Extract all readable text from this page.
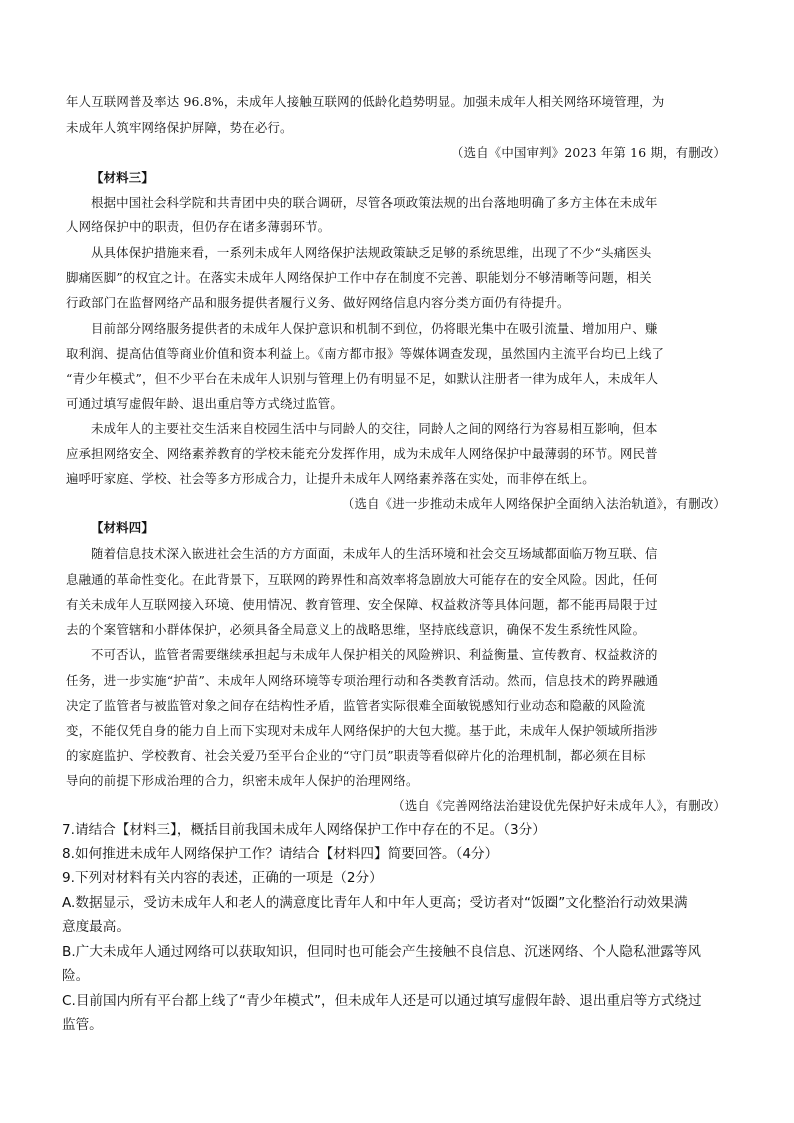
年人互联网普及率达 96.8%，未成年人接触互联网的低龄化趋势明显。加强未成年人相关网络环境管理，为
未成年人筑牢网络保护屏障，势在必行。
（选自《中国审判》2023 年第 16 期，有删改）
【材料三】
根据中国社会科学院和共青团中央的联合调研，尽管各项政策法规的出台落地明确了多方主体在未成年
人网络保护中的职责，但仍存在诸多薄弱环节。
从具体保护措施来看，一系列未成年人网络保护法规政策缺乏足够的系统思维，出现了不少“头痛医头
脚痛医脚”的权宜之计。在落实未成年人网络保护工作中存在制度不完善、职能划分不够清晰等问题，相关
行政部门在监督网络产品和服务提供者履行义务、做好网络信息内容分类方面仍有待提升。
目前部分网络服务提供者的未成年人保护意识和机制不到位，仍将眼光集中在吸引流量、增加用户、赚
取利润、提高估值等商业价值和资本利益上。《南方都市报》等媒体调查发现，虽然国内主流平台均已上线了
“青少年模式”，但不少平台在未成年人识别与管理上仍有明显不足，如默认注册者一律为成年人，未成年人
可通过填写虚假年龄、退出重启等方式绕过监管。
未成年人的主要社交生活来自校园生活中与同龄人的交往，同龄人之间的网络行为容易相互影响，但本
应承担网络安全、网络素养教育的学校未能充分发挥作用，成为未成年人网络保护中最薄弱的环节。网民普
遍呼吁家庭、学校、社会等多方形成合力，让提升未成年人网络素养落在实处，而非停在纸上。
（选自《进一步推动未成年人网络保护全面纳入法治轨道》，有删改）
【材料四】
随着信息技术深入嵌进社会生活的方方面面，未成年人的生活环境和社会交互场域都面临万物互联、信
息融通的革命性变化。在此背景下，互联网的跨界性和高效率将急剧放大可能存在的安全风险。因此，任何
有关未成年人互联网接入环境、使用情况、教育管理、安全保障、权益救济等具体问题，都不能再局限于过
去的个案管辖和小群体保护，必须具备全局意义上的战略思维，坚持底线意识，确保不发生系统性风险。
不可否认，监管者需要继续承担起与未成年人保护相关的风险辨识、利益衡量、宣传教育、权益救济的
任务，进一步实施“护苗”、未成年人网络环境等专项治理行动和各类教育活动。然而，信息技术的跨界融通
决定了监管者与被监管对象之间存在结构性矛盾，监管者实际很难全面敏锐感知行业动态和隐蔽的风险流
变，不能仅凭自身的能力自上而下实现对未成年人网络保护的大包大揽。基于此，未成年人保护领域所指涉
的家庭监护、学校教育、社会关爱乃至平台企业的“守门员”职责等看似碎片化的治理机制，都必须在目标
导向的前提下形成治理的合力，织密未成年人保护的治理网络。
（选自《完善网络法治建设优先保护好未成年人》，有删改）
7.请结合【材料三】，概括目前我国未成年人网络保护工作中存在的不足。（3分）
8.如何推进未成年人网络保护工作？请结合【材料四】简要回答。（4分）
9.下列对材料有关内容的表述，正确的一项是（2分）
A.数据显示，受访未成年人和老人的满意度比青年人和中年人更高；受访者对“饭圈”文化整治行动效果满
意度最高。
B.广大未成年人通过网络可以获取知识，但同时也可能会产生接触不良信息、沉迷网络、个人隐私泄露等风
险。
C.目前国内所有平台都上线了“青少年模式”，但未成年人还是可以通过填写虚假年龄、退出重启等方式绕过
监管。
